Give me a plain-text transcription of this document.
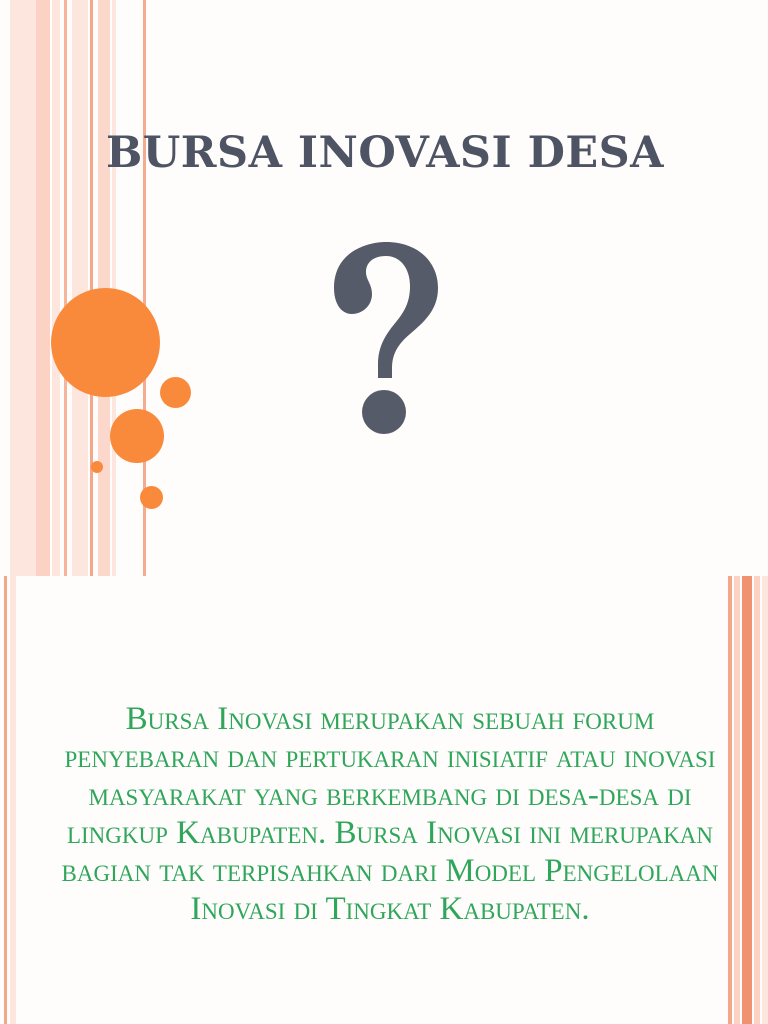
BURSA INOVASI DESA

Bursa Inovasi merupakan sebuah forum penyebaran dan pertukaran inisiatif atau inovasi masyarakat yang berkembang di desa-desa di lingkup Kabupaten. Bursa Inovasi ini merupakan bagian tak terpisahkan dari Model Pengelolaan Inovasi di Tingkat Kabupaten.
